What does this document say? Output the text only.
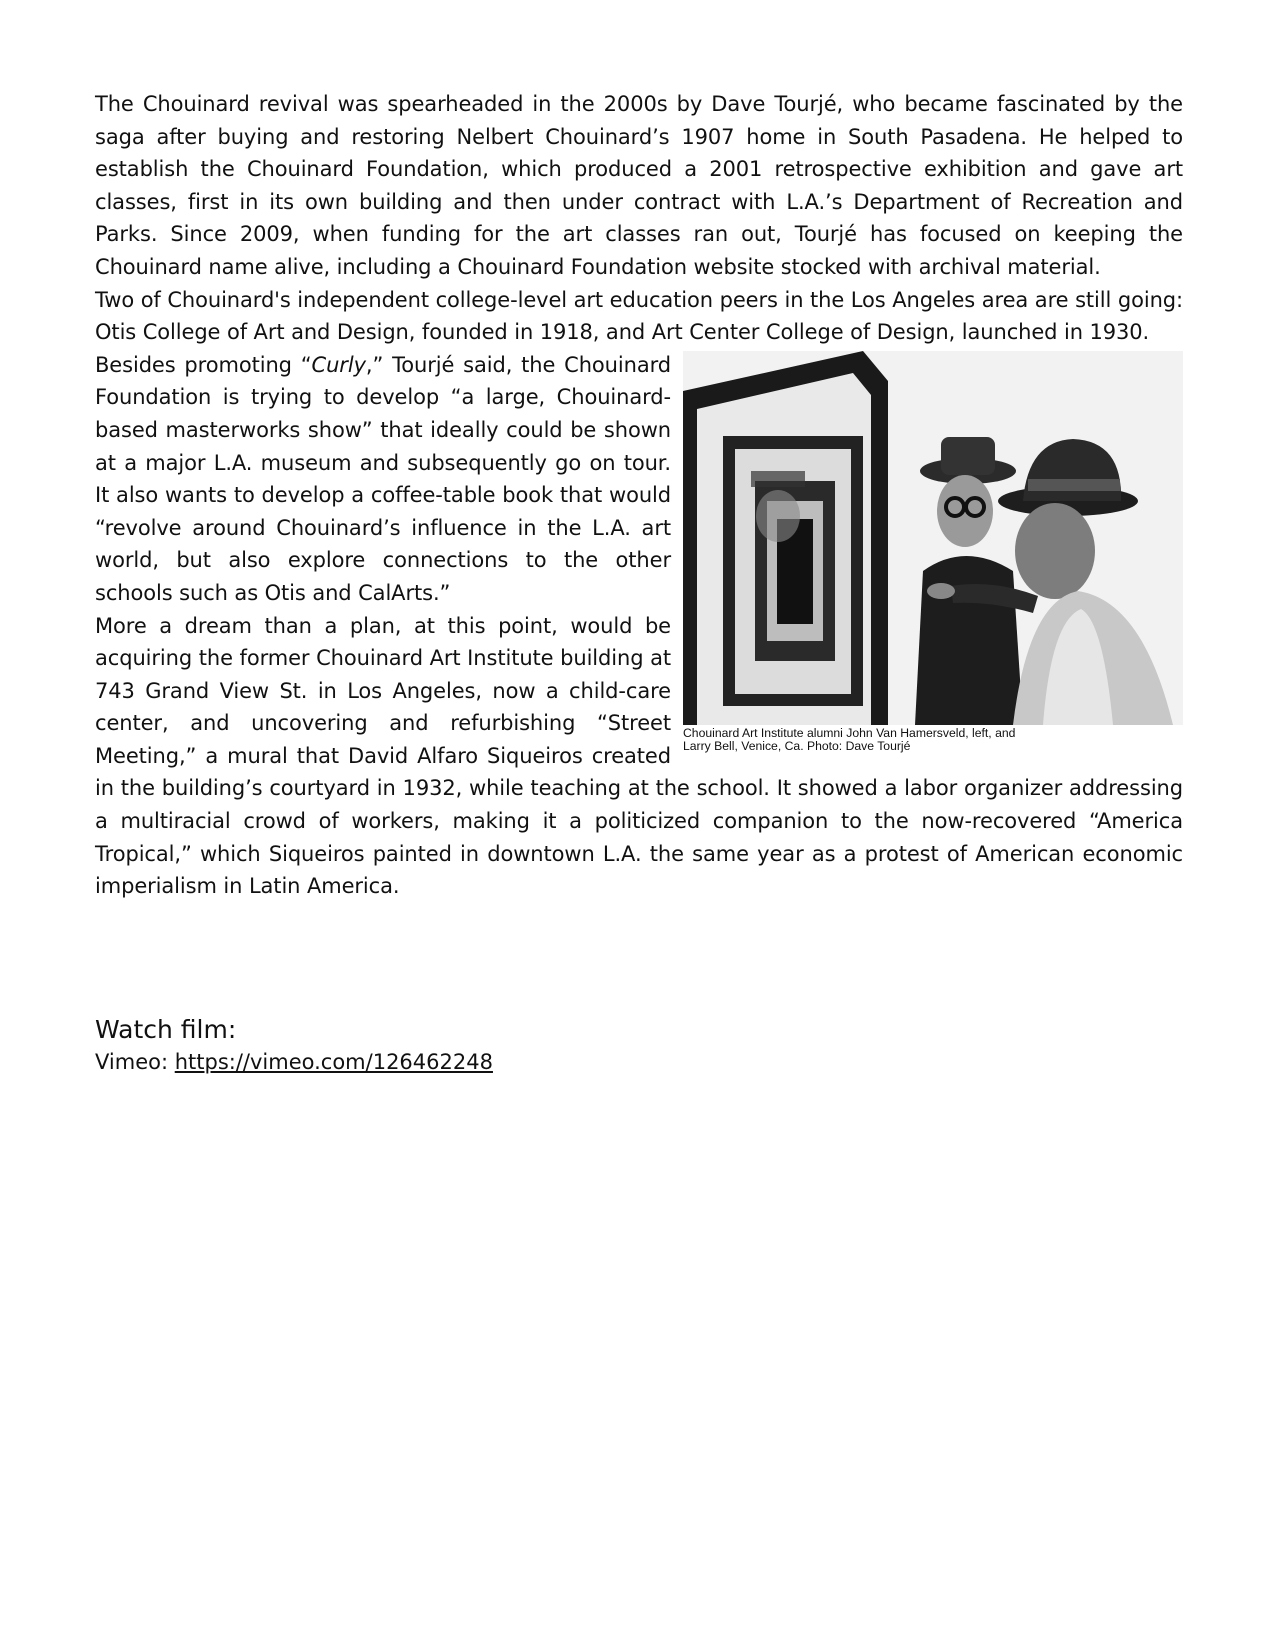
The Chouinard revival was spearheaded in the 2000s by Dave Tourjé, who became fascinated by the saga after buying and restoring Nelbert Chouinard’s 1907 home in South Pasadena. He helped to establish the Chouinard Foundation, which produced a 2001 retrospective exhibition and gave art classes, first in its own building and then under contract with L.A.’s Department of Recreation and Parks. Since 2009, when funding for the art classes ran out, Tourjé has focused on keeping the Chouinard name alive, including a Chouinard Foundation website stocked with archival material.

Two of Chouinard's independent college-level art education peers in the Los Angeles area are still going: Otis College of Art and Design, founded in 1918, and Art Center College of Design, launched in 1930.

Chouinard Art Institute alumni John Van Hamersveld, left, and Larry Bell, Venice, Ca. Photo: Dave Tourjé

Besides promoting “Curly,” Tourjé said, the Chouinard Foundation is trying to develop “a large, Chouinard-based masterworks show” that ideally could be shown at a major L.A. museum and subsequently go on tour. It also wants to develop a coffee-table book that would “revolve around Chouinard’s influence in the L.A. art world, but also explore connections to the other schools such as Otis and CalArts.”

More a dream than a plan, at this point, would be acquiring the former Chouinard Art Institute building at 743 Grand View St. in Los Angeles, now a child-care center, and uncovering and refurbishing “Street Meeting,” a mural that David Alfaro Siqueiros created in the building’s courtyard in 1932, while teaching at the school. It showed a labor organizer addressing a multiracial crowd of workers, making it a politicized companion to the now-recovered “America Tropical,” which Siqueiros painted in downtown L.A. the same year as a protest of American economic imperialism in Latin America.

Watch film:

Vimeo: https://vimeo.com/126462248
